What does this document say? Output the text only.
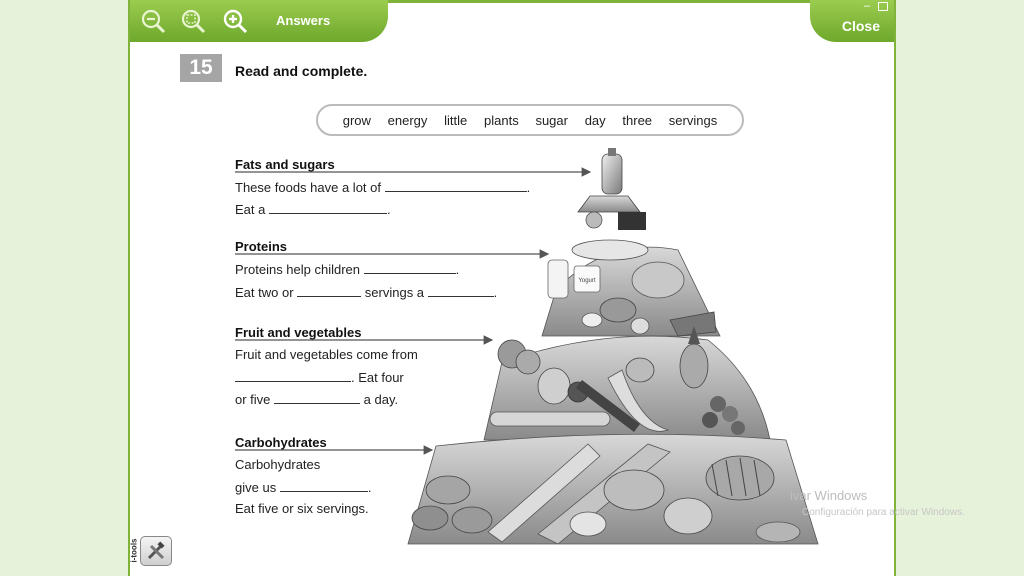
Answers
–
Close
15	Read and complete.
grow energy little plants sugar day three servings
Fats and sugars
These foods have a lot of	.
Eat a	.
Proteins
Proteins help children	.
Eat two or	servings a	.
Fruit and vegetables
Fruit and vegetables come from
. Eat four
or five	a day.
Carbohydrates
Carbohydrates
give us	.
Eat five or six servings.
Yogurt
i-tools
ivar Windows
Configuración para activar Windows.
